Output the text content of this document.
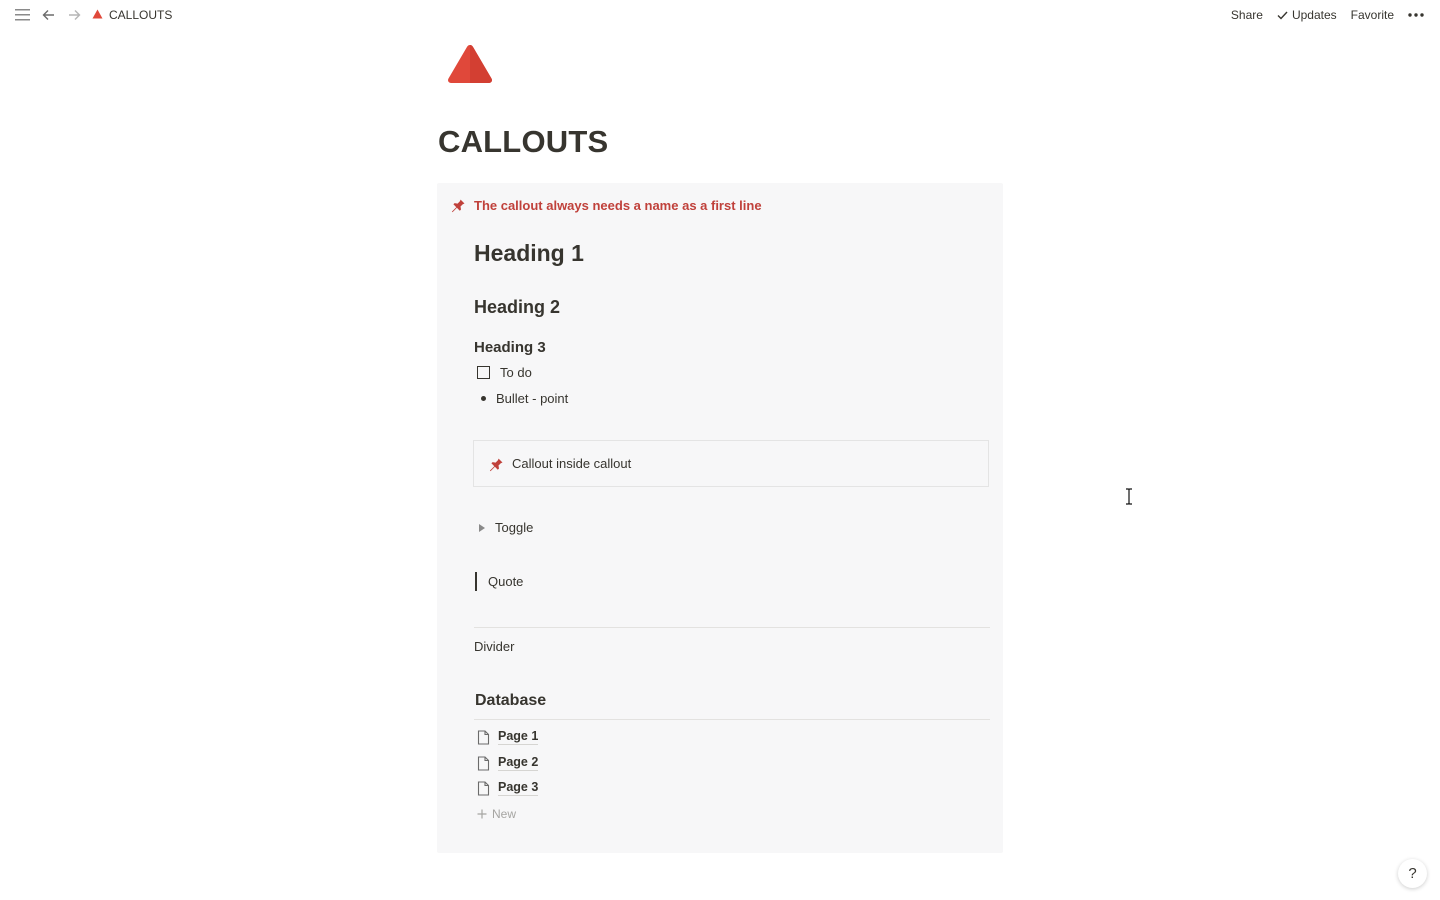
CALLOUTS	Share Updates Favorite
CALLOUTS
The callout always needs a name as a first line
Heading 1
Heading 2
Heading 3
To do
Bullet - point
Callout inside callout
Toggle
Quote
Divider
Database
Page 1
Page 2
Page 3
New
?
